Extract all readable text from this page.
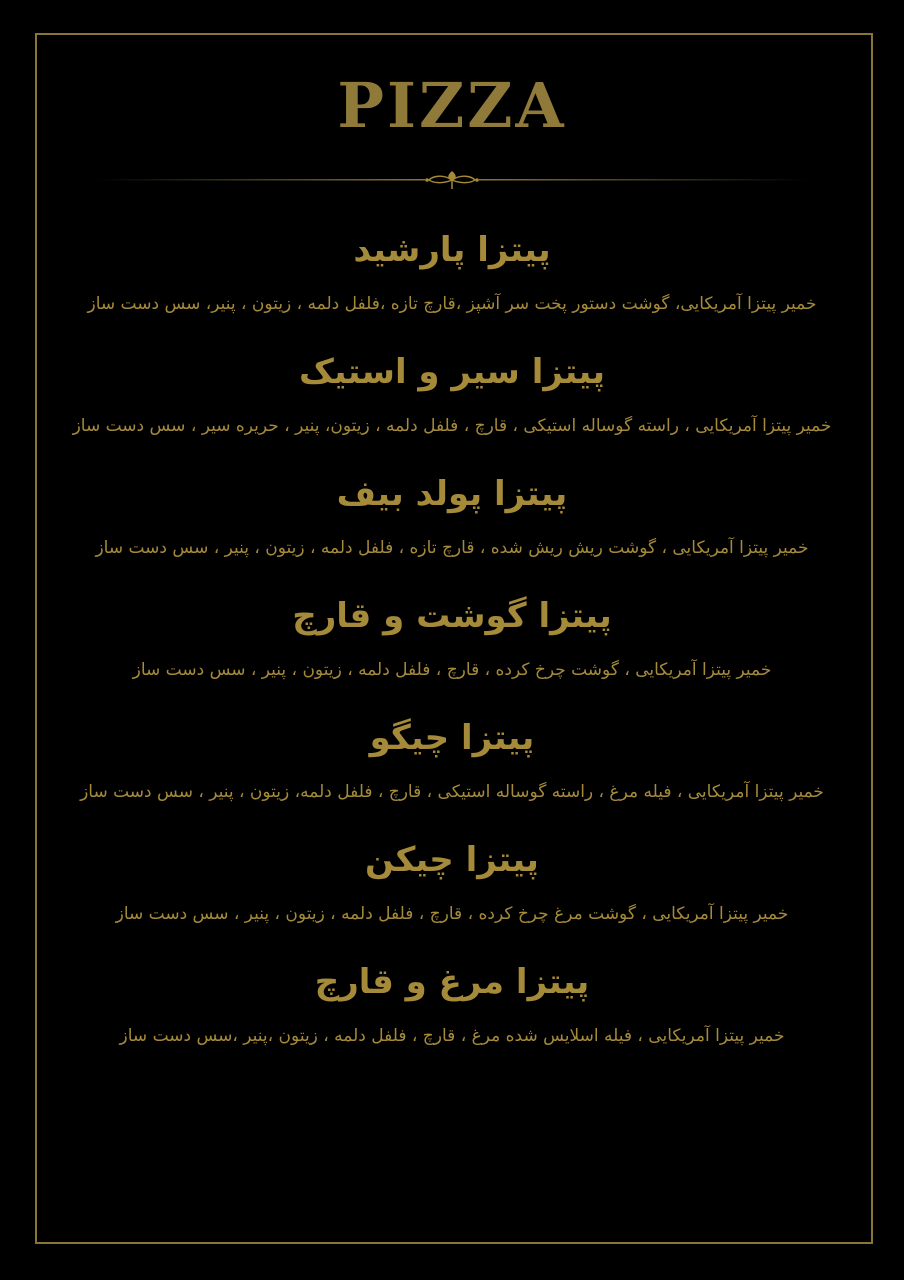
PIZZA
پیتزا پارشید
خمیر پیتزا آمریکایی، گوشت دستور پخت سر آشپز ،قارچ تازه ،فلفل دلمه ، زیتون ، پنیر، سس دست ساز
پیتزا سیر و استیک
خمیر پیتزا آمریکایی ، راسته گوساله استیکی ، قارچ ، فلفل دلمه ، زیتون، پنیر ، حریره سیر ، سس دست ساز
پیتزا پولد بیف
خمیر پیتزا آمریکایی ، گوشت ریش ریش شده ، قارچ تازه ، فلفل دلمه ، زیتون ، پنیر ، سس دست ساز
پیتزا گوشت و قارچ
خمیر پیتزا آمریکایی ، گوشت چرخ کرده ، قارچ ، فلفل دلمه ، زیتون ، پنیر ، سس دست ساز
پیتزا چیگو
خمیر پیتزا آمریکایی ، فیله مرغ ، راسته گوساله استیکی ، قارچ ، فلفل دلمه، زیتون ، پنیر ، سس دست ساز
پیتزا چیکن
خمیر پیتزا آمریکایی ، گوشت مرغ چرخ کرده ، قارچ ، فلفل دلمه ، زیتون ، پنیر ، سس دست ساز
پیتزا مرغ و قارچ
خمیر پیتزا آمریکایی ، فیله اسلایس شده مرغ ، قارچ ، فلفل دلمه ، زیتون ،پنیر ،سس دست ساز
